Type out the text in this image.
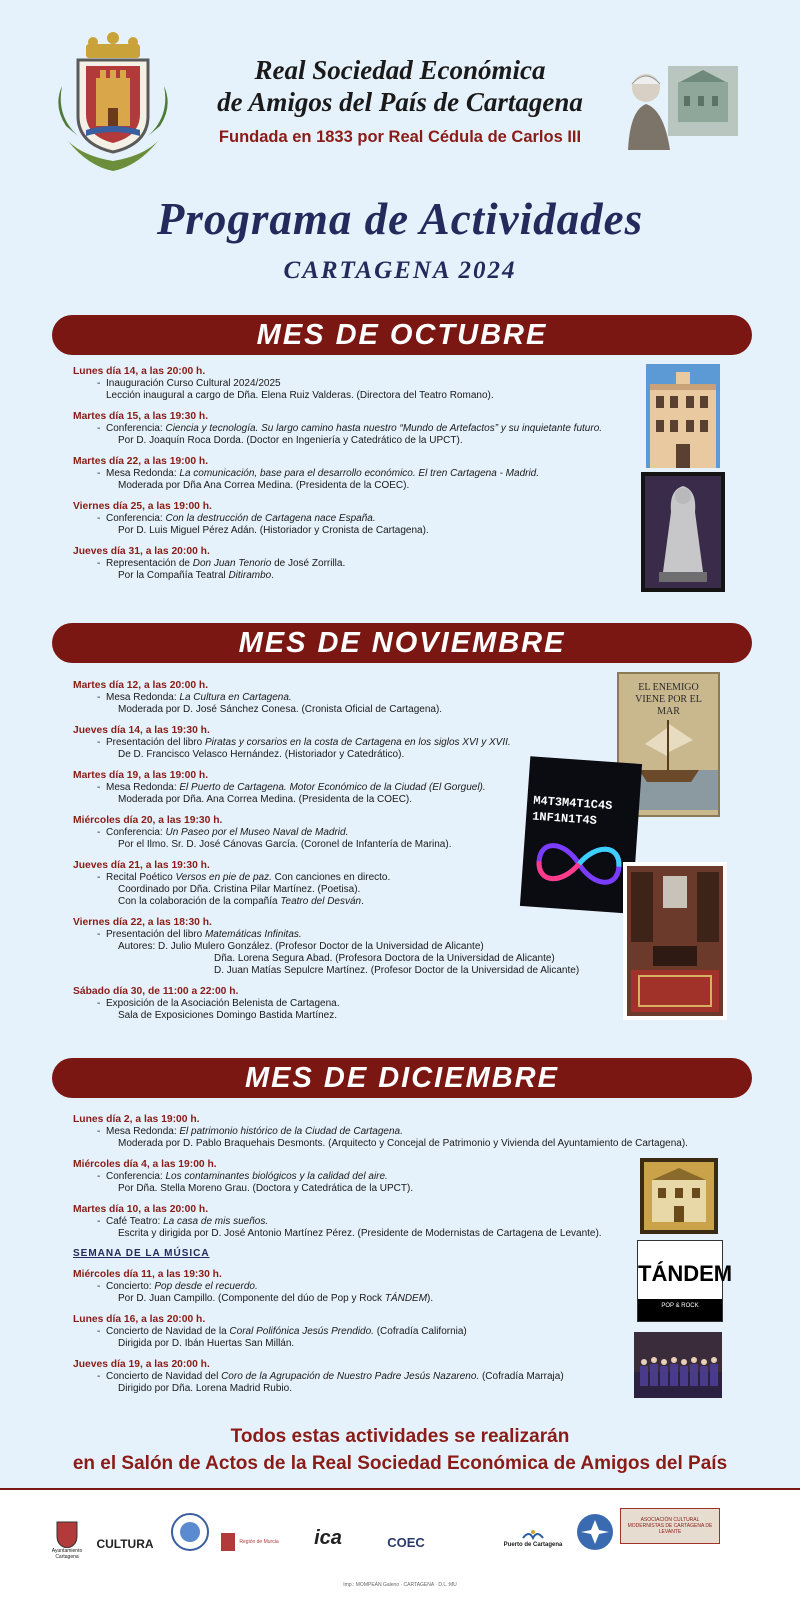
Real Sociedad Económica
de Amigos del País de Cartagena
Fundada en 1833 por Real Cédula de Carlos III
Programa de Actividades
CARTAGENA 2024
MES DE OCTUBRE
Lunes día 14, a las 20:00 h.
- Inauguración Curso Cultural 2024/2025
Lección inaugural a cargo de Dña. Elena Ruiz Valderas. (Directora del Teatro Romano).
Martes día 15, a las 19:30 h.
- Conferencia: Ciencia y tecnología. Su largo camino hasta nuestro “Mundo de Artefactos” y su inquietante futuro.
Por D. Joaquín Roca Dorda. (Doctor en Ingeniería y Catedrático de la UPCT).
Martes día 22, a las 19:00 h.
- Mesa Redonda: La comunicación, base para el desarrollo económico. El tren Cartagena - Madrid.
Moderada por Dña Ana Correa Medina. (Presidenta de la COEC).
Viernes día 25, a las 19:00 h.
- Conferencia: Con la destrucción de Cartagena nace España.
Por D. Luis Miguel Pérez Adán. (Historiador y Cronista de Cartagena).
Jueves día 31, a las 20:00 h.
- Representación de Don Juan Tenorio de José Zorrilla.
Por la Compañía Teatral Ditirambo.
MES DE NOVIEMBRE
Martes día 12, a las 20:00 h.
- Mesa Redonda: La Cultura en Cartagena.
Moderada por D. José Sánchez Conesa. (Cronista Oficial de Cartagena).
Jueves día 14, a las 19:30 h.
- Presentación del libro Piratas y corsarios en la costa de Cartagena en los siglos XVI y XVII.
De D. Francisco Velasco Hernández. (Historiador y Catedrático).
Martes día 19, a las 19:00 h.
- Mesa Redonda: El Puerto de Cartagena. Motor Económico de la Ciudad (El Gorguel).
Moderada por Dña. Ana Correa Medina. (Presidenta de la COEC).
Miércoles día 20, a las 19:30 h.
- Conferencia: Un Paseo por el Museo Naval de Madrid.
Por el Ilmo. Sr. D. José Cánovas García. (Coronel de Infantería de Marina).
Jueves día 21, a las 19:30 h.
- Recital Poético Versos en pie de paz. Con canciones en directo.
Coordinado por Dña. Cristina Pilar Martínez. (Poetisa).
Con la colaboración de la compañía Teatro del Desván.
Viernes día 22, a las 18:30 h.
- Presentación del libro Matemáticas Infinitas.
Autores: D. Julio Mulero González. (Profesor Doctor de la Universidad de Alicante)
Dña. Lorena Segura Abad. (Profesora Doctora de la Universidad de Alicante)
D. Juan Matías Sepulcre Martínez. (Profesor Doctor de la Universidad de Alicante)
Sábado día 30, de 11:00 a 22:00 h.
- Exposición de la Asociación Belenista de Cartagena.
Sala de Exposiciones Domingo Bastida Martínez.
EL ENEMIGO VIENE POR EL MAR
M4T3M4T1C4S 1NF1N1T4S
MES DE DICIEMBRE
Lunes día 2, a las 19:00 h.
- Mesa Redonda: El patrimonio histórico de la Ciudad de Cartagena.
Moderada por D. Pablo Braquehais Desmonts. (Arquitecto y Concejal de Patrimonio y Vivienda del Ayuntamiento de Cartagena).
Miércoles día 4, a las 19:00 h.
- Conferencia: Los contaminantes biológicos y la calidad del aire.
Por Dña. Stella Moreno Grau. (Doctora y Catedrática de la UPCT).
Martes día 10, a las 20:00 h.
- Café Teatro: La casa de mis sueños.
Escrita y dirigida por D. José Antonio Martínez Pérez. (Presidente de Modernistas de Cartagena de Levante).
SEMANA DE LA MÚSICA
Miércoles día 11, a las 19:30 h.
- Concierto: Pop desde el recuerdo.
Por D. Juan Campillo. (Componente del dúo de Pop y Rock TÁNDEM).
Lunes día 16, a las 20:00 h.
- Concierto de Navidad de la Coral Polifónica Jesús Prendido. (Cofradía California)
Dirigida por D. Ibán Huertas San Millán.
Jueves día 19, a las 20:00 h.
- Concierto de Navidad del Coro de la Agrupación de Nuestro Padre Jesús Nazareno. (Cofradía Marraja)
Dirigido por Dña. Lorena Madrid Rubio.
TÁNDEM
POP & ROCK
Todos estas actividades se realizarán
en el Salón de Actos de la Real Sociedad Económica de Amigos del País
Ayuntamiento Cartagena
CULTURA	Región de Murcia	ica	COEC	Puerto de Cartagena
ASOCIACIÓN CULTURAL MODERNISTAS DE CARTAGENA DE LEVANTE
Imp.: MOMPEÁN Galeno · CARTAGENA · D.L.:MU
